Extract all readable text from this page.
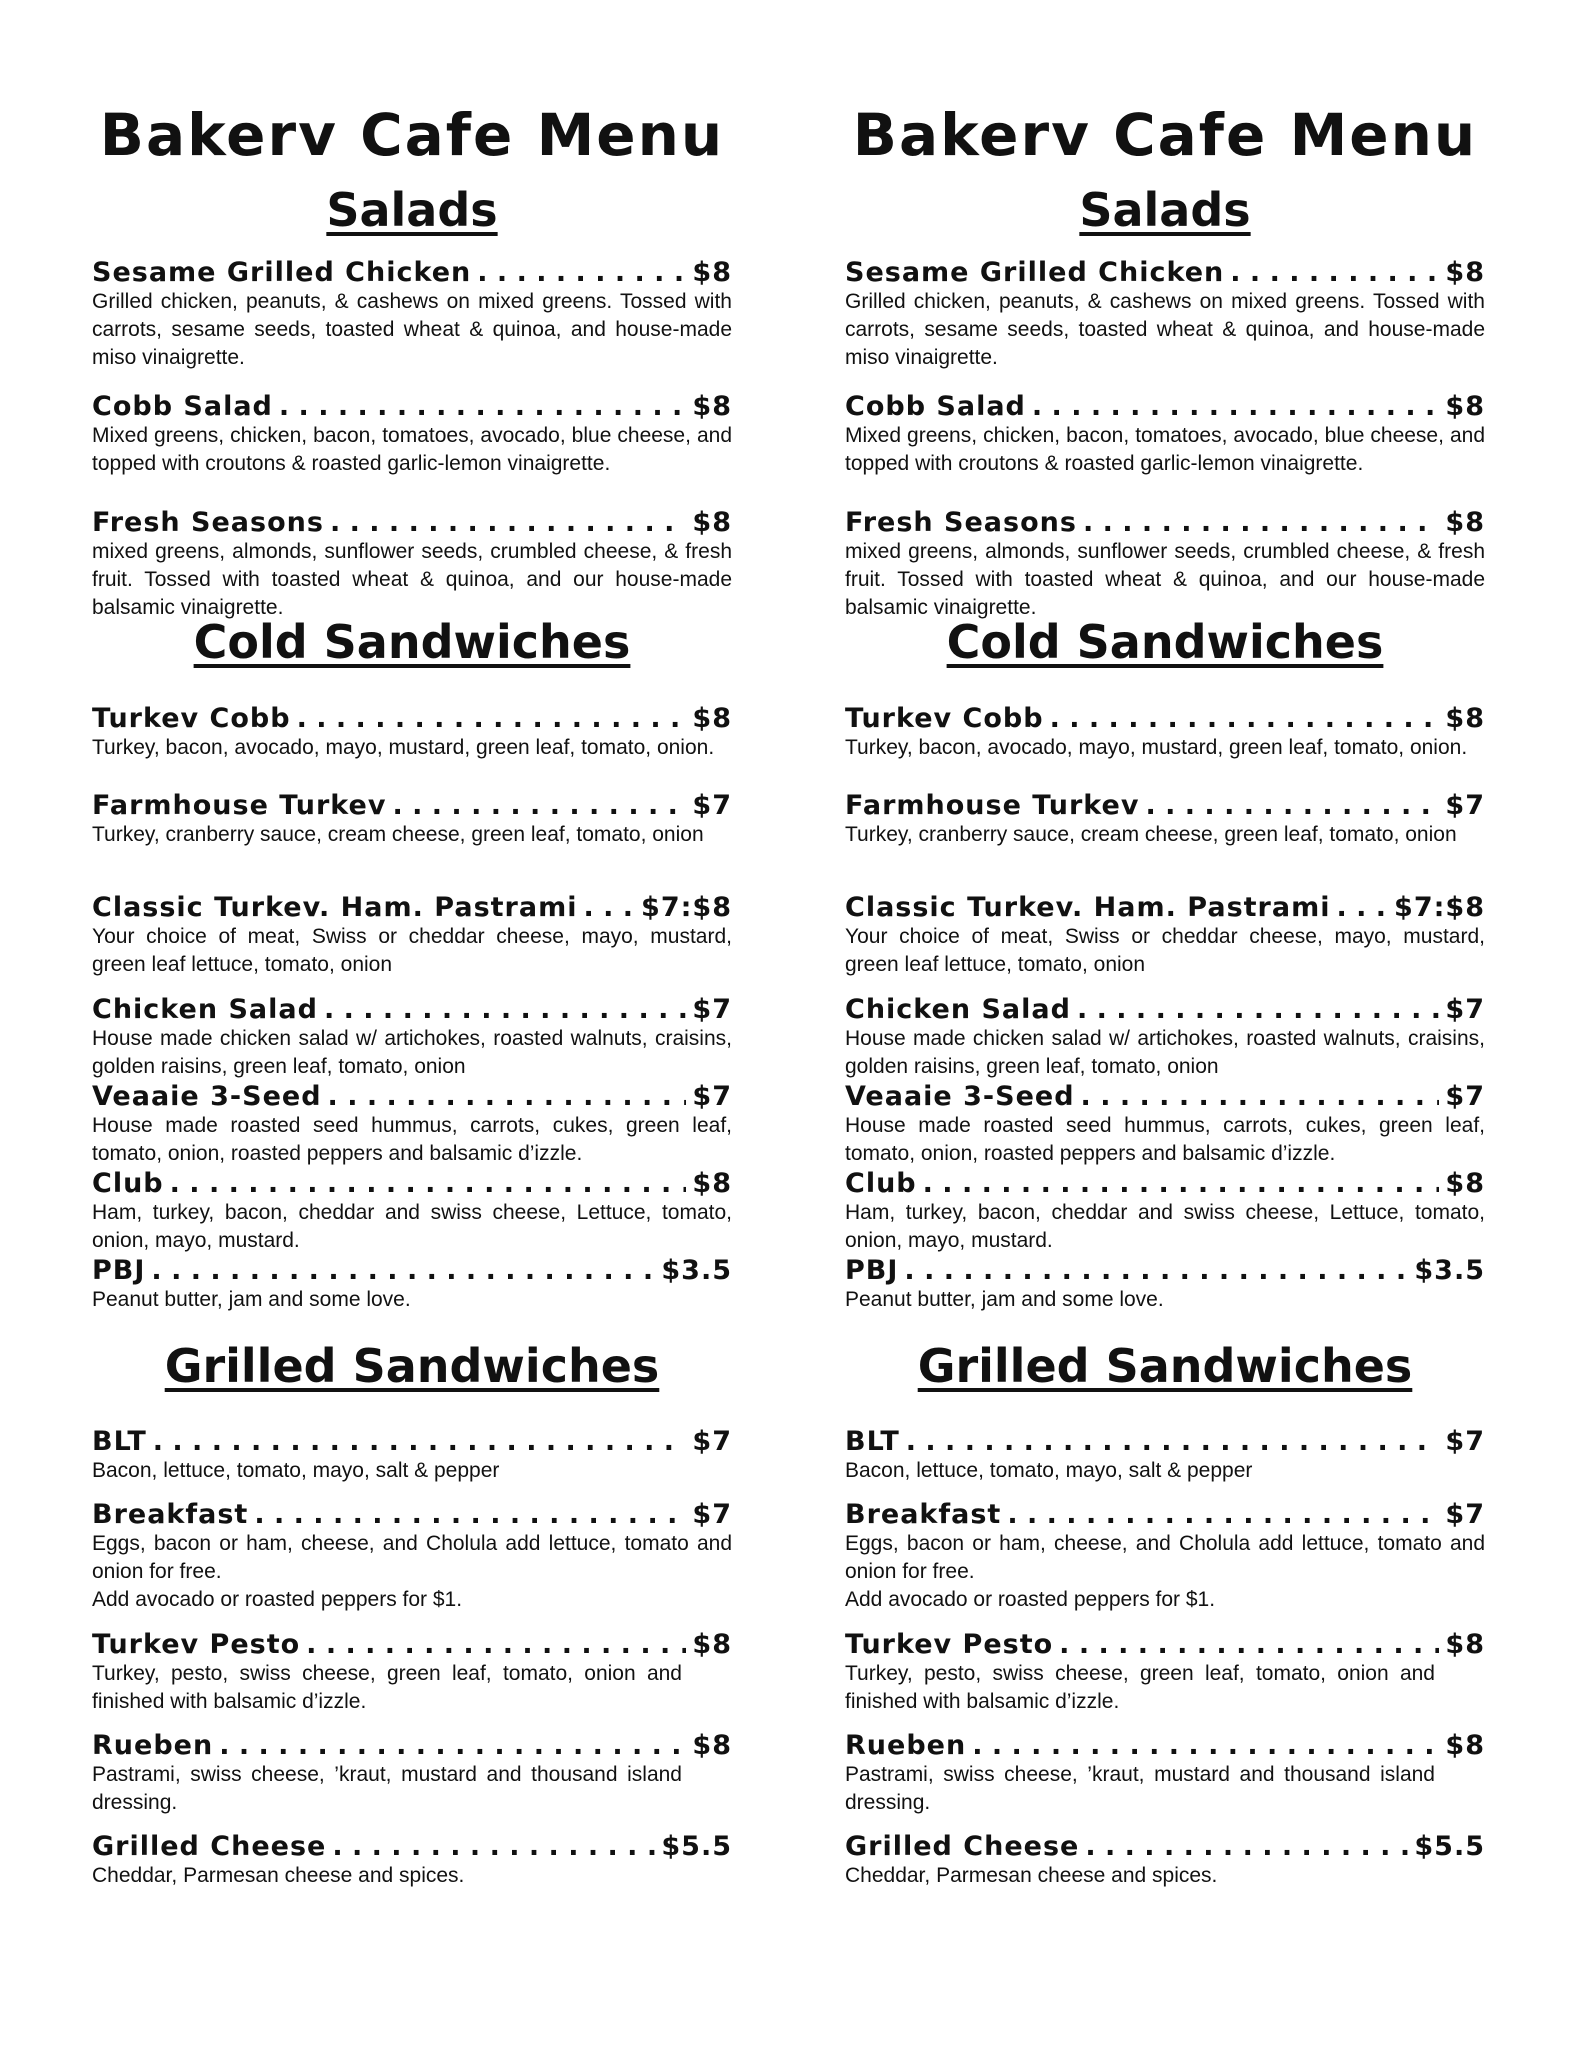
Bakerv Cafe Menu
Salads
Sesame Grilled Chicken . . .	$8

Grilled chicken, peanuts, & cashews on mixed greens. Tossed with carrots, sesame seeds, toasted wheat & quinoa, and house-made miso vinaigrette.

Cobb Salad . . .	$8

Mixed greens, chicken, bacon, tomatoes, avocado, blue cheese, and topped with croutons & roasted garlic-lemon vinaigrette.

Fresh Seasons . . .	$8

mixed greens, almonds, sunflower seeds, crumbled cheese, & fresh fruit. Tossed with toasted wheat & quinoa, and our house-made balsamic vinaigrette.

Cold Sandwiches
Turkev Cobb . . .	$8

Turkey, bacon, avocado, mayo, mustard, green leaf, tomato, onion.

Farmhouse Turkev . . .	$7

Turkey, cranberry sauce, cream cheese, green leaf, tomato, onion

Classic Turkev. Ham. Pastrami . . . $7:$8

Your choice of meat, Swiss or cheddar cheese, mayo, mustard, green leaf lettuce, tomato, onion

Chicken Salad . . .	$7

House made chicken salad w/ artichokes, roasted walnuts, craisins, golden raisins, green leaf, tomato, onion

Veaaie 3-Seed . . .	$7

House made roasted seed hummus, carrots, cukes, green leaf, tomato, onion, roasted peppers and balsamic d’izzle.

Club . . .	$8

Ham, turkey, bacon, cheddar and swiss cheese, Lettuce, tomato, onion, mayo, mustard.

PBJ . . .	$3.5

Peanut butter, jam and some love.

Grilled Sandwiches
BLT . . .	$7

Bacon, lettuce, tomato, mayo, salt & pepper

Breakfast . . .	$7

Eggs, bacon or ham, cheese, and Cholula add lettuce, tomato and onion for free.

Add avocado or roasted peppers for $1.

Turkev Pesto . . .	$8

Turkey, pesto, swiss cheese, green leaf, tomato, onion and finished with balsamic d’izzle.

Rueben . . .	$8

Pastrami, swiss cheese, ’kraut, mustard and thousand island dressing.

Grilled Cheese . . .	$5.5

Cheddar, Parmesan cheese and spices.

Bakerv Cafe Menu
Salads
Sesame Grilled Chicken . . .	$8

Grilled chicken, peanuts, & cashews on mixed greens. Tossed with carrots, sesame seeds, toasted wheat & quinoa, and house-made miso vinaigrette.

Cobb Salad . . .	$8

Mixed greens, chicken, bacon, tomatoes, avocado, blue cheese, and topped with croutons & roasted garlic-lemon vinaigrette.

Fresh Seasons . . .	$8

mixed greens, almonds, sunflower seeds, crumbled cheese, & fresh fruit. Tossed with toasted wheat & quinoa, and our house-made balsamic vinaigrette.

Cold Sandwiches
Turkev Cobb . . .	$8

Turkey, bacon, avocado, mayo, mustard, green leaf, tomato, onion.

Farmhouse Turkev . . .	$7

Turkey, cranberry sauce, cream cheese, green leaf, tomato, onion

Classic Turkev. Ham. Pastrami . . . $7:$8

Your choice of meat, Swiss or cheddar cheese, mayo, mustard, green leaf lettuce, tomato, onion

Chicken Salad . . .	$7

House made chicken salad w/ artichokes, roasted walnuts, craisins, golden raisins, green leaf, tomato, onion

Veaaie 3-Seed . . .	$7

House made roasted seed hummus, carrots, cukes, green leaf, tomato, onion, roasted peppers and balsamic d’izzle.

Club . . .	$8

Ham, turkey, bacon, cheddar and swiss cheese, Lettuce, tomato, onion, mayo, mustard.

PBJ . . .	$3.5

Peanut butter, jam and some love.

Grilled Sandwiches
BLT . . .	$7

Bacon, lettuce, tomato, mayo, salt & pepper

Breakfast . . .	$7

Eggs, bacon or ham, cheese, and Cholula add lettuce, tomato and onion for free.

Add avocado or roasted peppers for $1.

Turkev Pesto . . .	$8

Turkey, pesto, swiss cheese, green leaf, tomato, onion and finished with balsamic d’izzle.

Rueben . . .	$8

Pastrami, swiss cheese, ’kraut, mustard and thousand island dressing.

Grilled Cheese . . .	$5.5

Cheddar, Parmesan cheese and spices.
